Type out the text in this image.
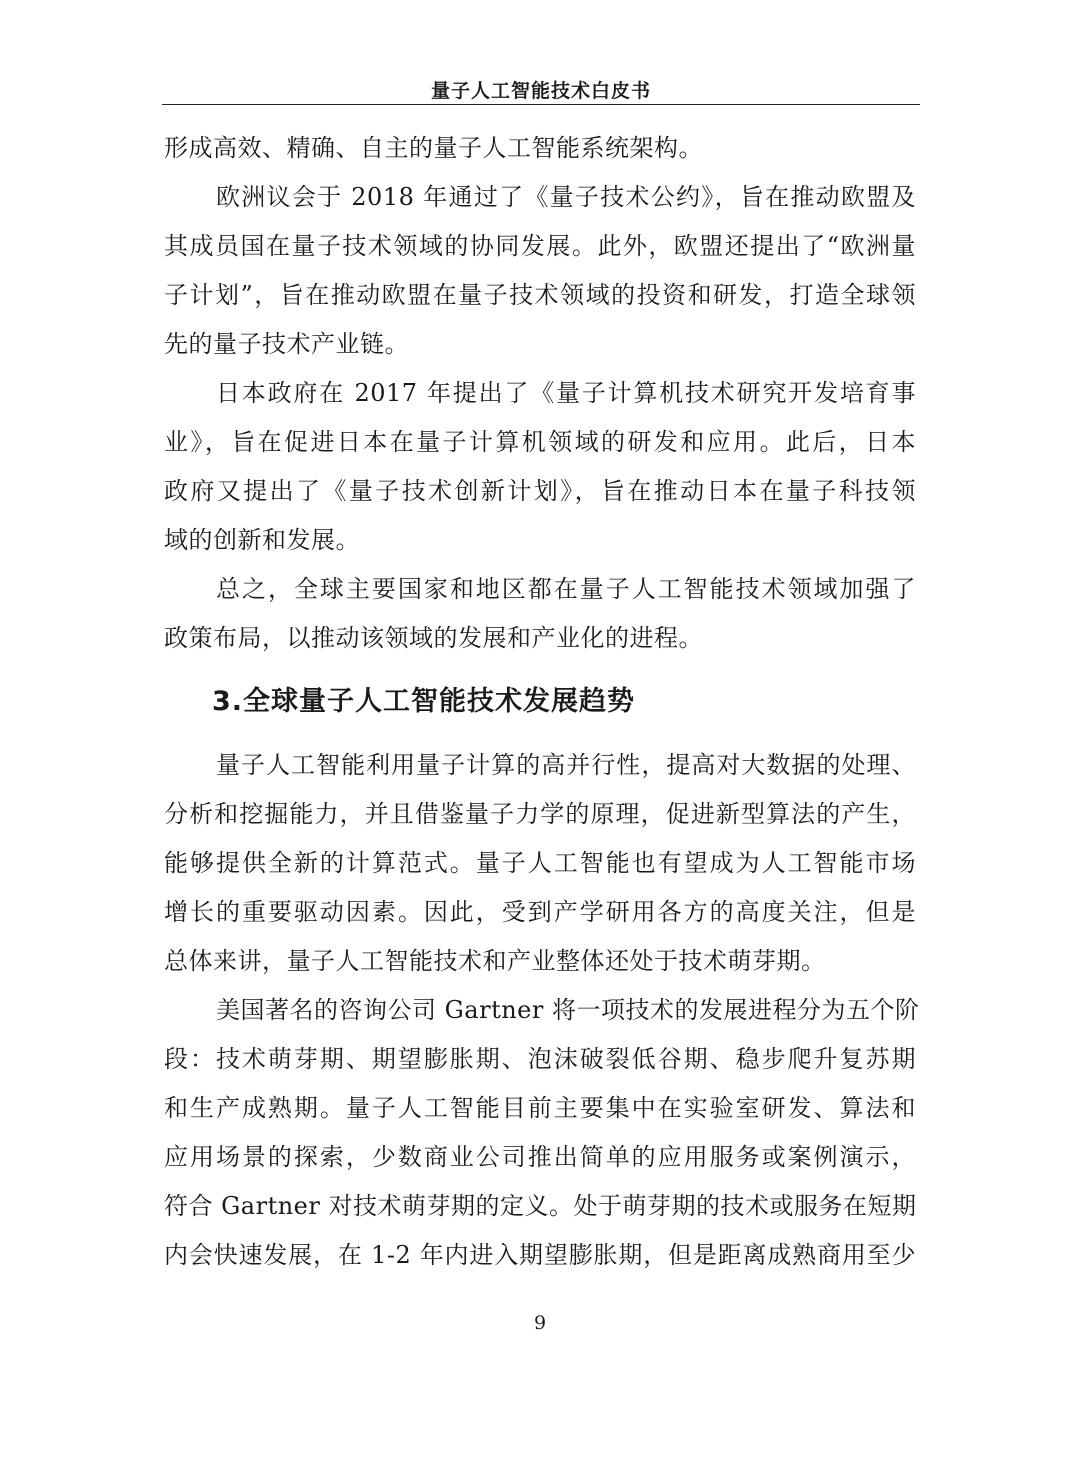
量子人工智能技术白皮书
形成高效、精确、自主的量子人工智能系统架构。
欧洲议会于 2018 年通过了《量子技术公约》，旨在推动欧盟及
其成员国在量子技术领域的协同发展。此外，欧盟还提出了“欧洲量
子计划”，旨在推动欧盟在量子技术领域的投资和研发，打造全球领
先的量子技术产业链。
日本政府在 2017 年提出了《量子计算机技术研究开发培育事
业》，旨在促进日本在量子计算机领域的研发和应用。此后，日本
政府又提出了《量子技术创新计划》，旨在推动日本在量子科技领
域的创新和发展。
总之，全球主要国家和地区都在量子人工智能技术领域加强了
政策布局，以推动该领域的发展和产业化的进程。
3.全球量子人工智能技术发展趋势
量子人工智能利用量子计算的高并行性，提高对大数据的处理、
分析和挖掘能力，并且借鉴量子力学的原理，促进新型算法的产生，
能够提供全新的计算范式。量子人工智能也有望成为人工智能市场
增长的重要驱动因素。因此，受到产学研用各方的高度关注，但是
总体来讲，量子人工智能技术和产业整体还处于技术萌芽期。
美国著名的咨询公司 Gartner 将一项技术的发展进程分为五个阶
段：技术萌芽期、期望膨胀期、泡沫破裂低谷期、稳步爬升复苏期
和生产成熟期。量子人工智能目前主要集中在实验室研发、算法和
应用场景的探索，少数商业公司推出简单的应用服务或案例演示，
符合 Gartner 对技术萌芽期的定义。处于萌芽期的技术或服务在短期
内会快速发展，在 1-2 年内进入期望膨胀期，但是距离成熟商用至少
9
